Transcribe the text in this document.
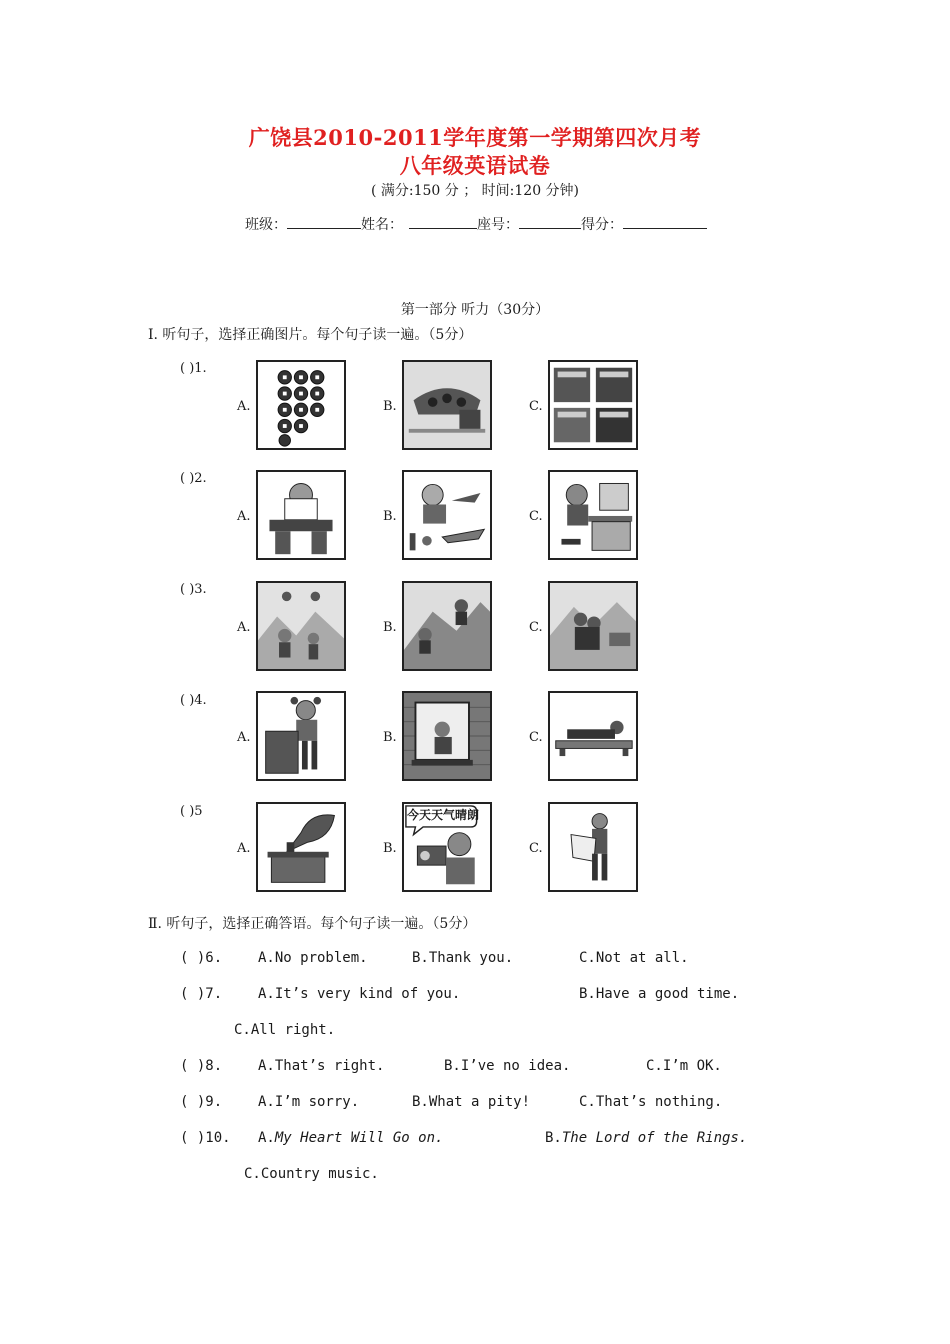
广饶县2010-2011学年度第一学期第四次月考
八年级英语试卷
( 满分:150 分 ； 时间:120 分钟)
班级：	姓名：	座号：	得分：
第一部分 听力（30分）
Ⅰ. 听句子，选择正确图片。每个句子读一遍。（5分）
( )1.
A.	B.	C.
( )2.
A.	B.	C.
( )3.
A.	B.	C.
( )4.
A.	B.	C.
( )5
A.	B.	C.
今天天气晴朗
Ⅱ. 听句子，选择正确答语。每个句子读一遍。（5分）
( )6.	A.No problem.	B.Thank you.	C.Not at all.
( )7.	A.It’s very kind of you.	B.Have a good time.
C.All right.
( )8.	A.That’s right.	B.I’ve no idea.	C.I’m OK.
( )9.	A.I’m sorry.	B.What a pity!	C.That’s nothing.
( )10. A.My Heart Will Go on.	B.The Lord of the Rings.
C.Country music.
